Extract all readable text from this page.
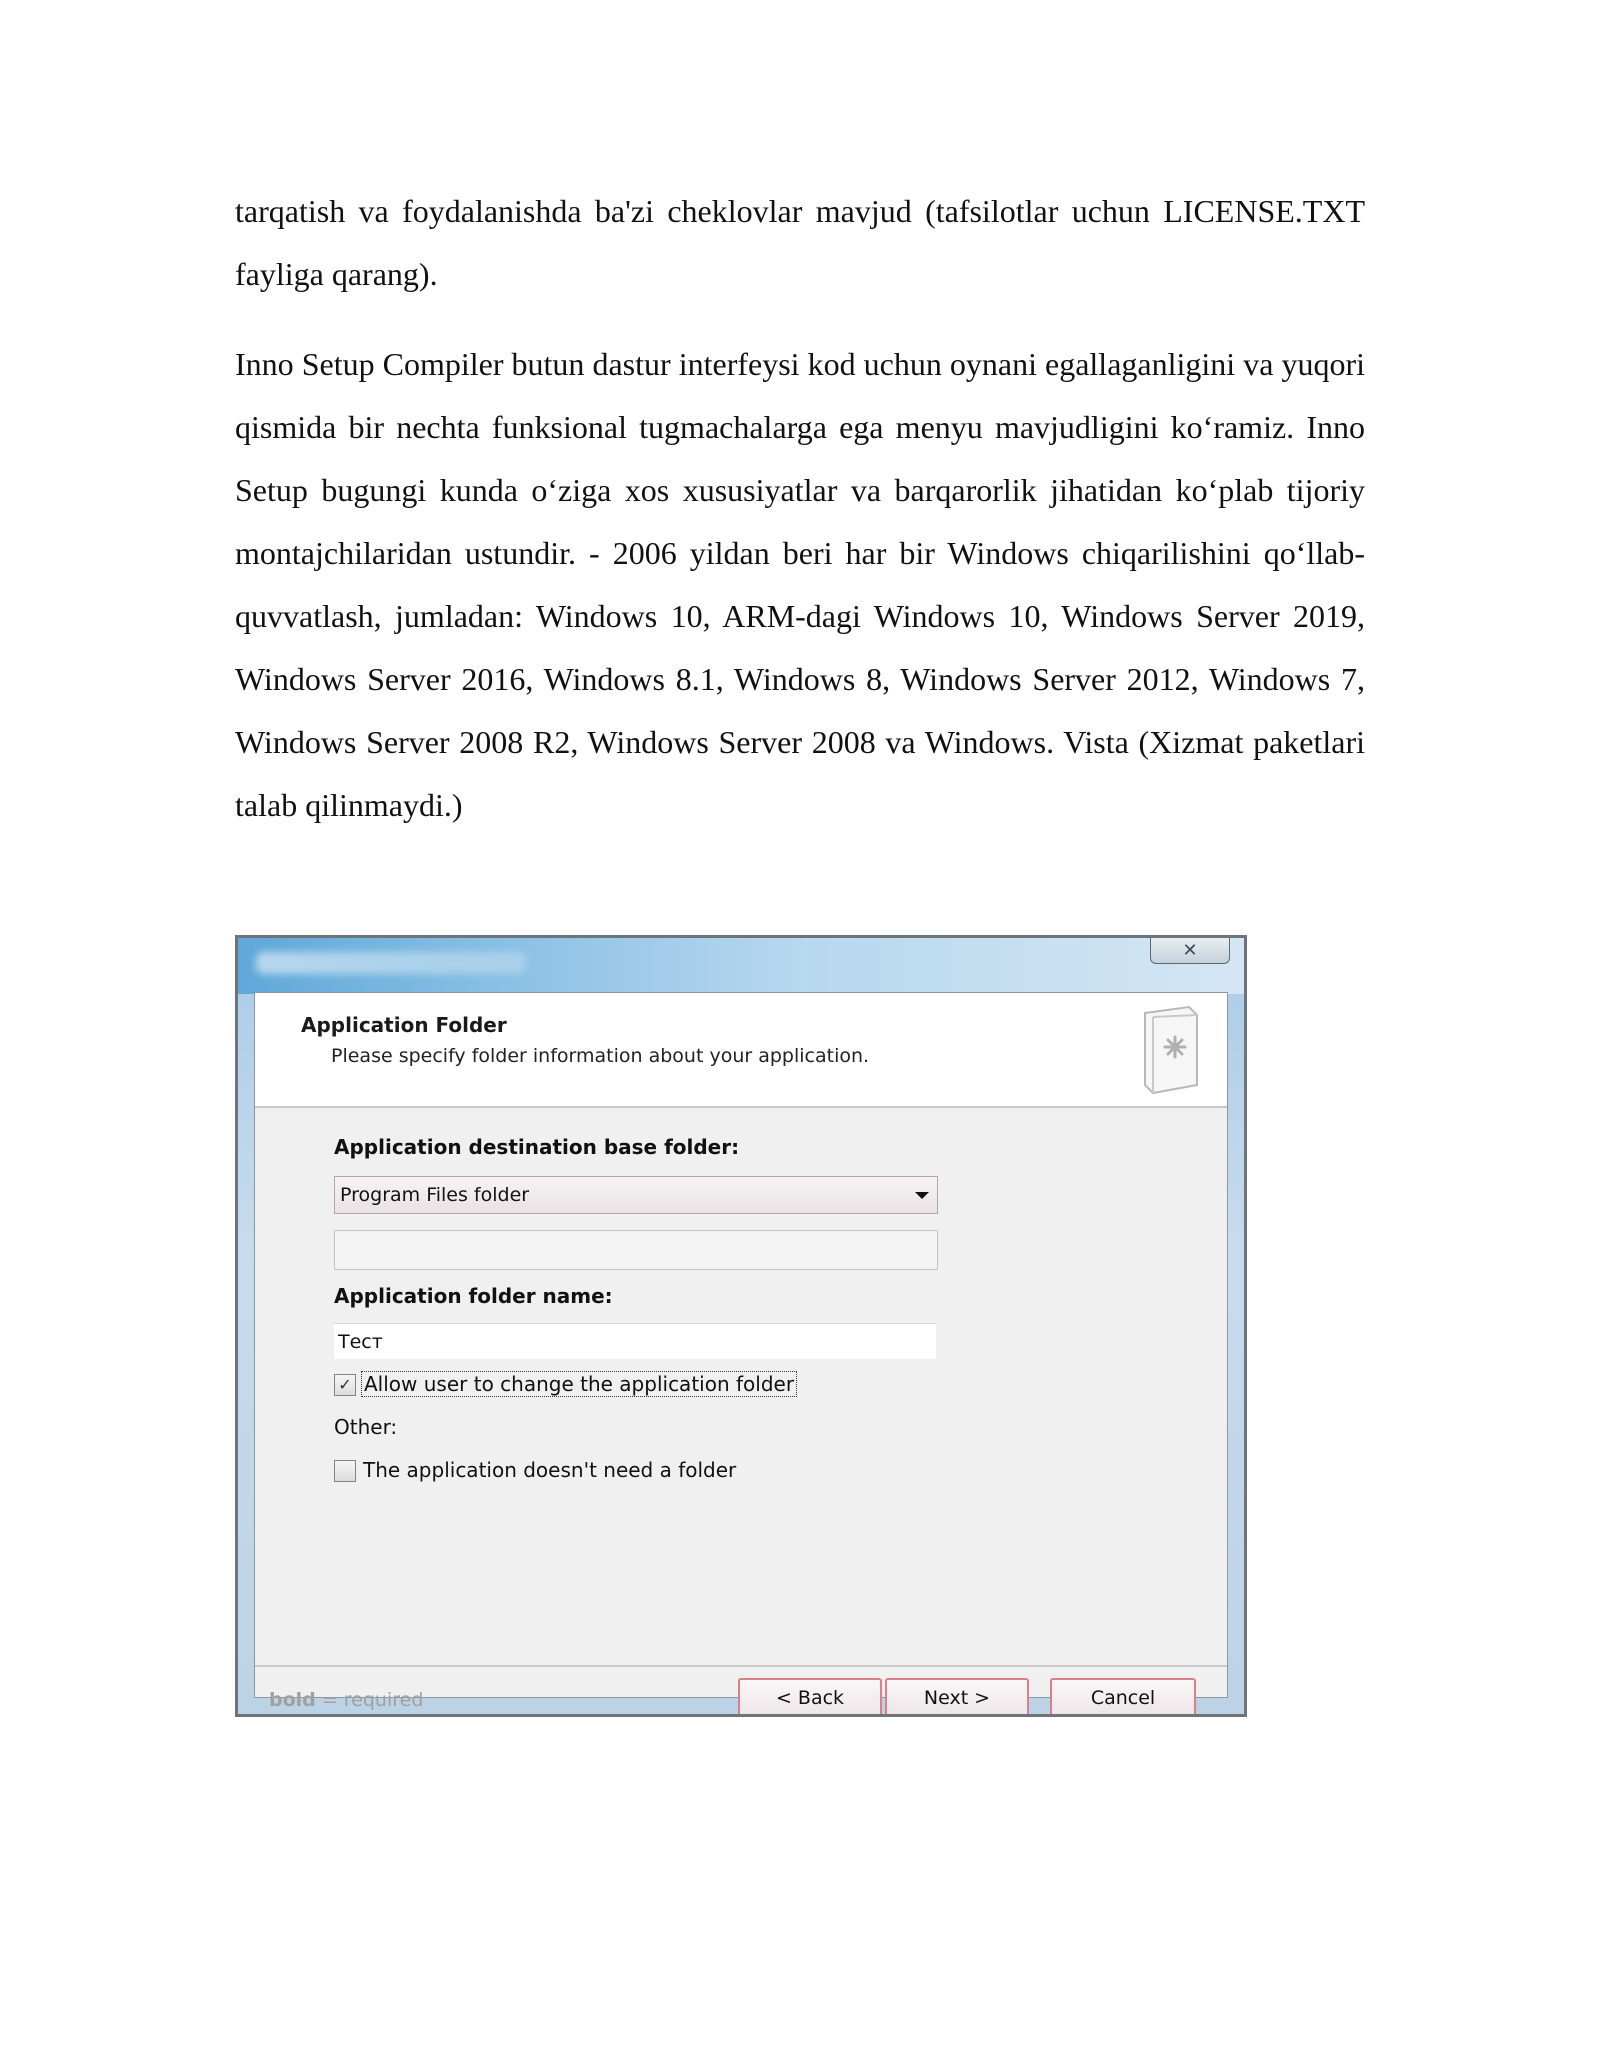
tarqatish va foydalanishda ba'zi cheklovlar mavjud (tafsilotlar uchun LICENSE.TXT fayliga qarang).

Inno Setup Compiler butun dastur interfeysi kod uchun oynani egallaganligini va yuqori qismida bir nechta funksional tugmachalarga ega menyu mavjudligini ko‘ramiz. Inno Setup bugungi kunda o‘ziga xos xususiyatlar va barqarorlik jihatidan ko‘plab tijoriy montajchilaridan ustundir. - 2006 yildan beri har bir Windows chiqarilishini qo‘llab-quvvatlash, jumladan: Windows 10, ARM-dagi Windows 10, Windows Server 2019, Windows Server 2016, Windows 8.1, Windows 8, Windows Server 2012, Windows 7, Windows Server 2008 R2, Windows Server 2008 va Windows. Vista (Xizmat paketlari talab qilinmaydi.)

✕
Application Folder
Please specify folder information about your application.
Application destination base folder:
Program Files folder
Application folder name:
Тест
✓ Allow user to change the application folder
Other:
The application doesn't need a folder
bold = required	< Back	Next >	Cancel
